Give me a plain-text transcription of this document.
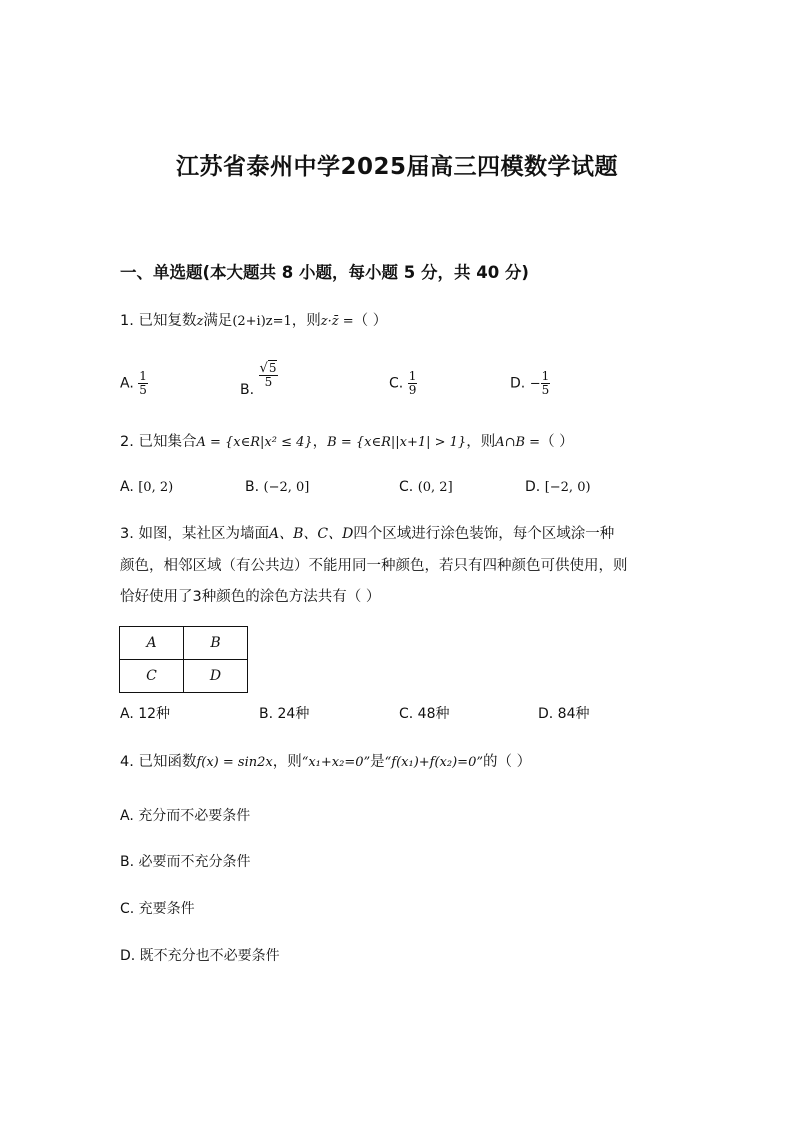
江苏省泰州中学2025届高三四模数学试题
一、单选题(本大题共 8 小题，每小题 5 分，共 40 分)
1. 已知复数z满足(2+i)z=1，则z·z̄ =（ ）
A. $\frac{1}{5}$	B.
$\frac{√5}{5}$	C. $\frac{1}{9}$	D. − $\frac{1}{5}$
2. 已知集合A = {x∈R|x² ≤ 4}，B = {x∈R||x+1| > 1}，则A∩B =（ ）
A. [0, 2)	B. (−2, 0]	C. (0, 2]	D. [−2, 0)
3. 如图，某社区为墙面A、B、C、D四个区域进行涂色装饰，每个区域涂一种
颜色，相邻区域（有公共边）不能用同一种颜色，若只有四种颜色可供使用，则
恰好使用了3种颜色的涂色方法共有（ ）
A	B
C	D
A. 12种	B. 24种	C. 48种	D. 84种
4. 已知函数f(x) = sin2x，则“x₁+x₂=0”是“f(x₁)+f(x₂)=0”的（ ）
A. 充分而不必要条件
B. 必要而不充分条件
C. 充要条件
D. 既不充分也不必要条件
